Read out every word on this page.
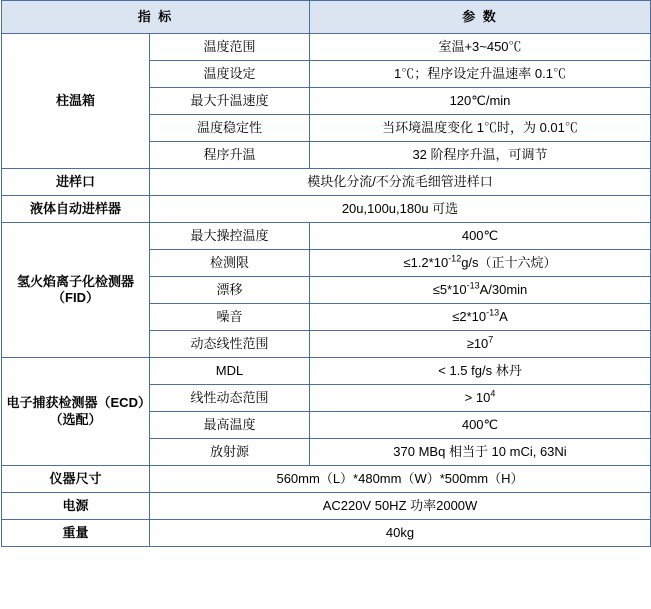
指 标		参 数
柱温箱	温度范围	室温+3~450℃
	温度设定	1℃；程序设定升温速率 0.1℃
	最大升温速度	120℃/min
	温度稳定性	当环境温度变化 1℃时，为 0.01℃
	程序升温	32 阶程序升温，可调节
进样口	模块化分流/不分流毛细管进样口	
液体自动进样器	20u,100u,180u 可选	
氢火焰离子化检测器（FID）	最大操控温度	400℃
	检测限	$\le 1.2*10^{-12}g/s$（正十六烷）
	漂移	$\le 5*10^{-13}A/30\min$
	噪音	$\le 2*10^{-13}A$
	动态线性范围	$\ge 10^7$
电子捕获检测器（ECD）（选配）	MDL	< 1.5 fg/s 林丹
	线性动态范围	> $10^4$
	最高温度	400℃
	放射源	370 MBq 相当于 10 mCi, 63Ni
仪器尺寸	560mm（L）*480mm（W）*500mm（H）	
电源	AC220V 50HZ 功率2000W	
重量	40kg	
